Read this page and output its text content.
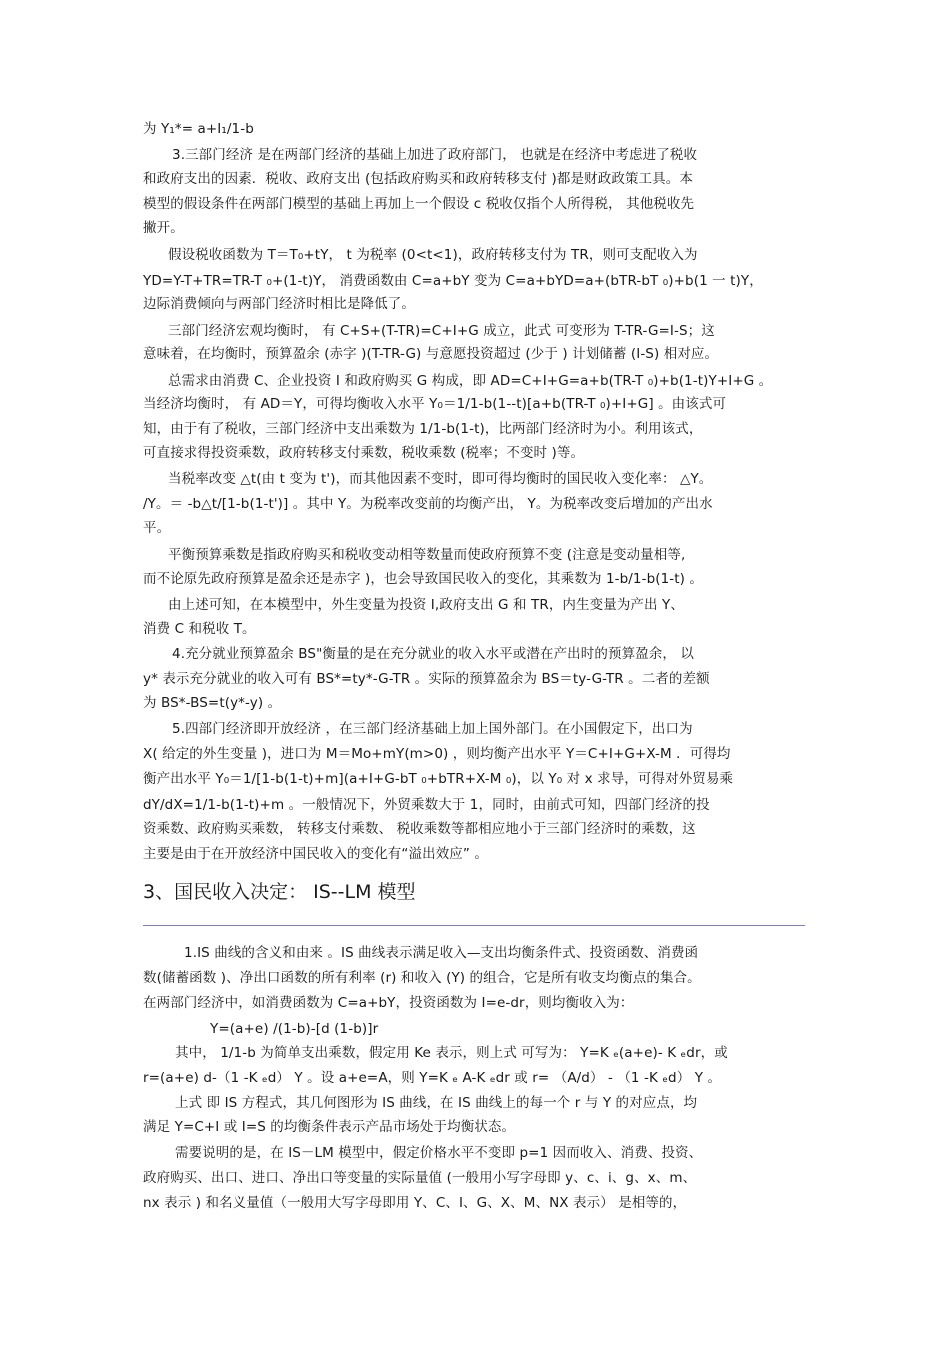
为 Y₁*= a+I₁/1-b
3.三部门经济 是在两部门经济的基础上加进了政府部门， 也就是在经济中考虑进了税收
和政府支出的因素．税收、政府支出 (包括政府购买和政府转移支付 )都是财政政策工具。本
模型的假设条件在两部门模型的基础上再加上一个假设 c 税收仅指个人所得税， 其他税收先
撇开。
假设税收函数为 T＝T₀+tY， t 为税率 (0<t<1)，政府转移支付为 TR，则可支配收入为
YD=Y-T+TR=TR-T ₀+(1-t)Y， 消费函数由 C=a+bY 变为 C=a+bYD=a+(bTR-bT ₀)+b(1 一 t)Y，
边际消费倾向与两部门经济时相比是降低了。
三部门经济宏观均衡时， 有 C+S+(T-TR)=C+I+G 成立，此式 可变形为 T-TR-G=I-S；这
意味着，在均衡时，预算盈余 (赤字 )(T-TR-G) 与意愿投资超过 (少于 ) 计划储蓄 (I-S) 相对应。
总需求由消费 C、企业投资 I 和政府购买 G 构成，即 AD=C+I+G=a+b(TR-T ₀)+b(1-t)Y+I+G 。
当经济均衡时， 有 AD＝Y，可得均衡收入水平 Y₀＝1/1-b(1--t)[a+b(TR-T ₀)+I+G] 。由该式可
知，由于有了税收，三部门经济中支出乘数为 1/1-b(1-t)，比两部门经济时为小。利用该式，
可直接求得投资乘数，政府转移支付乘数，税收乘数 (税率；不变时 )等。
当税率改变 △t(由 t 变为 t')，而其他因素不变时，即可得均衡时的国民收入变化率： △Y。
/Y。＝ -b△t/[1-b(1-t')] 。其中 Y。为税率改变前的均衡产出， Y。为税率改变后增加的产出水
平。
平衡预算乘数是指政府购买和税收变动相等数量而使政府预算不变 (注意是变动量相等,
而不论原先政府预算是盈余还是赤字 )，也会导致国民收入的变化，其乘数为 1-b/1-b(1-t) 。
由上述可知，在本模型中，外生变量为投资 I,政府支出 G 和 TR，内生变量为产出 Y、
消费 C 和税收 T。
4.充分就业预算盈余 BS"衡量的是在充分就业的收入水平或潜在产出时的预算盈余， 以
y* 表示充分就业的收入可有 BS*=ty*-G-TR 。实际的预算盈余为 BS＝ty-G-TR 。二者的差额
为 BS*-BS=t(y*-y) 。
5.四部门经济即开放经济 ，在三部门经济基础上加上国外部门。在小国假定下，出口为
X( 给定的外生变量 )，进口为 M＝Mo+mY(m>0) ，则均衡产出水平 Y＝C+I+G+X-M ．可得均
衡产出水平 Y₀＝1/[1-b(1-t)+m](a+I+G-bT ₀+bTR+X-M ₀)，以 Y₀ 对 x 求导，可得对外贸易乘
dY/dX=1/1-b(1-t)+m 。一般情况下，外贸乘数大于 1，同时，由前式可知，四部门经济的投
资乘数、政府购买乘数， 转移支付乘数、 税收乘数等都相应地小于三部门经济时的乘数，这
主要是由于在开放经济中国民收入的变化有“溢出效应” 。
3、国民收入决定： IS--LM 模型
1.IS 曲线的含义和由来 。IS 曲线表示满足收入—支出均衡条件式、投资函数、消费函
数(储蓄函数 )、净出口函数的所有利率 (r) 和收入 (Y) 的组合，它是所有收支均衡点的集合。
在两部门经济中，如消费函数为 C=a+bY，投资函数为 I=e-dr，则均衡收入为：
Y=(a+e) /(1-b)-[d (1-b)]r
其中， 1/1-b 为简单支出乘数，假定用 Ke 表示，则上式 可写为： Y=K ₑ(a+e)- K ₑdr，或
r=(a+e) d-（1 -K ₑd） Y 。设 a+e=A，则 Y=K ₑ A-K ₑdr 或 r= （A/d） - （1 -K ₑd） Y 。
上式 即 IS 方程式，其几何图形为 IS 曲线，在 IS 曲线上的每一个 r 与 Y 的对应点，均
满足 Y=C+I 或 I=S 的均衡条件表示产品市场处于均衡状态。
需要说明的是，在 IS－LM 模型中，假定价格水平不变即 p=1 因而收入、消费、投资、
政府购买、出口、进口、净出口等变量的实际量值 (一般用小写字母即 y、c、i、g、x、m、
nx 表示 ) 和名义量值（一般用大写字母即用 Y、C、I、G、X、M、NX 表示） 是相等的，
